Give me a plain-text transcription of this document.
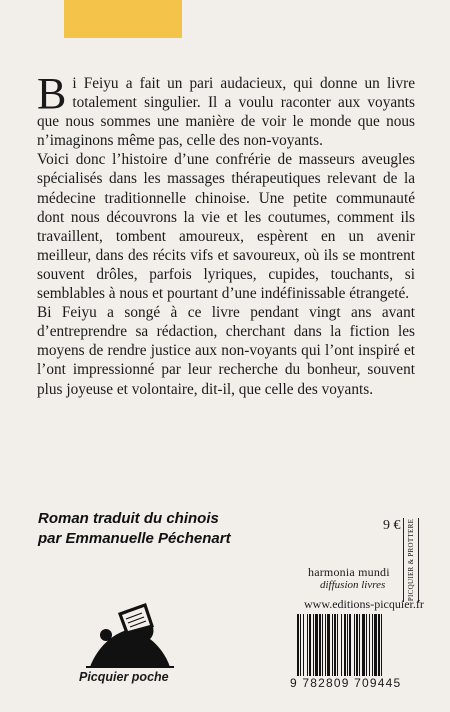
Bi Feiyu a fait un pari audacieux, qui donne un livre totalement singulier. Il a voulu raconter aux voyants que nous sommes une manière de voir le monde que nous n’imaginons même pas, celle des non-voyants.

Voici donc l’histoire d’une confrérie de masseurs aveugles spécialisés dans les massages thérapeutiques relevant de la médecine traditionnelle chinoise. Une petite communauté dont nous découvrons la vie et les coutumes, comment ils travaillent, tombent amoureux, espèrent en un avenir meilleur, dans des récits vifs et savoureux, où ils se montrent souvent drôles, parfois lyriques, cupides, touchants, si semblables à nous et pourtant d’une indéfinissable étrangeté.

Bi Feiyu a songé à ce livre pendant vingt ans avant d’entreprendre sa rédaction, cherchant dans la fiction les moyens de rendre justice aux non-voyants qui l’ont inspiré et l’ont impressionné par leur recherche du bonheur, souvent plus joyeuse et volontaire, dit-il, que celle des voyants.

Roman traduit du chinois
par Emmanuelle Péchenart
9 € PICQUIER & PROTTERE
harmonia mundi
diffusion livres
www.editions-picquier.fr
9 782809 709445
Picquier poche
